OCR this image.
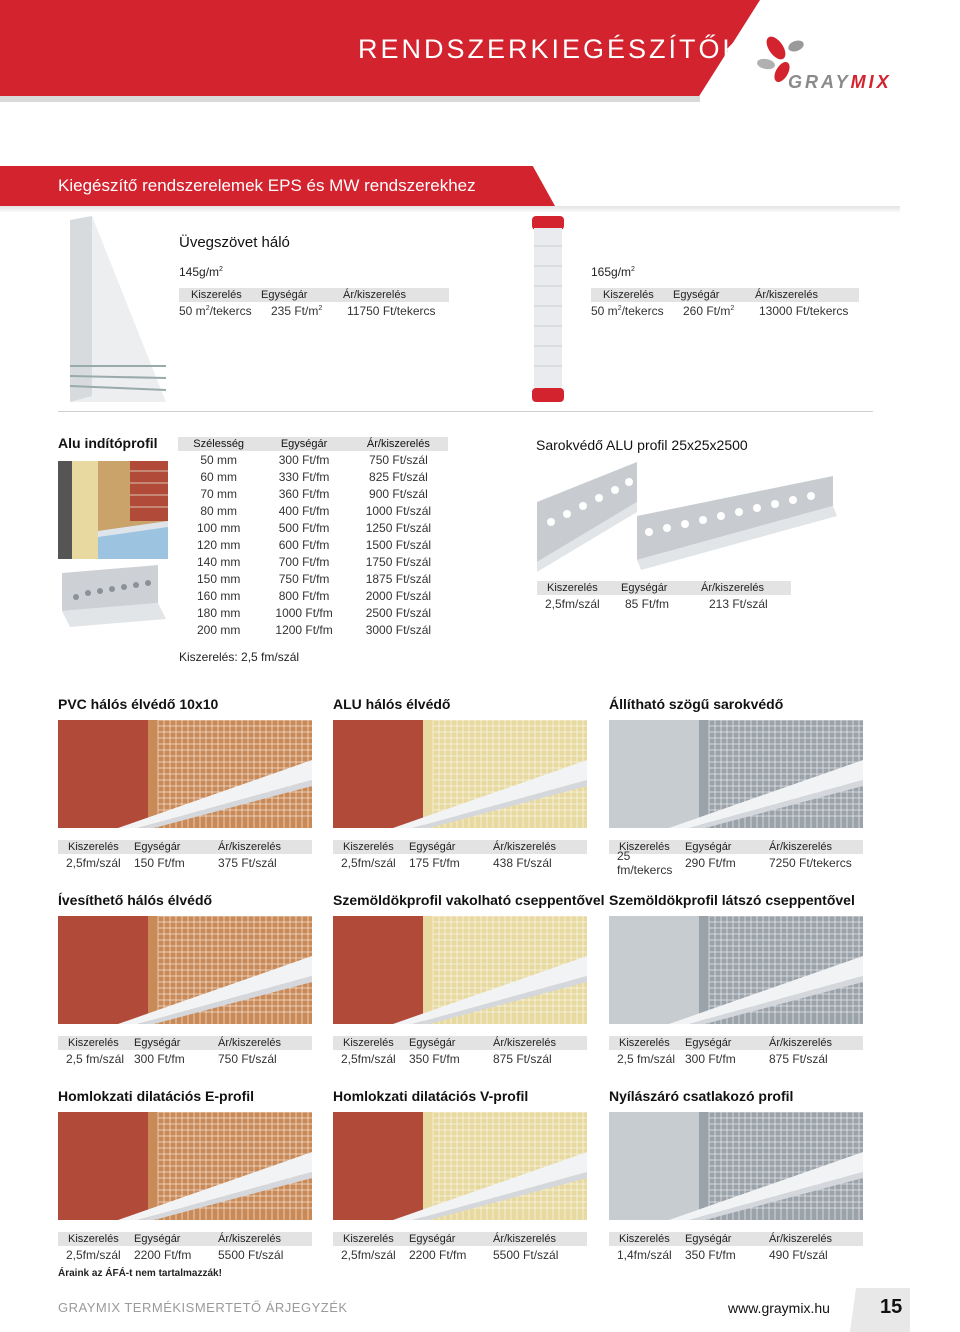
RENDSZERKIEGÉSZÍTŐK
GRAYMIX
Kiegészítő rendszerelemek EPS és MW rendszerekhez
Üvegszövet háló
$145g/m^2$
Kiszerelés	Egységár	Ár/kiszerelés
50 $m^2$/tekercs	235 $Ft/m^2$	11750 Ft/tekercs
$165g/m^2$
Kiszerelés	Egységár	Ár/kiszerelés
50 $m^2$/tekercs	260 $Ft/m^2$	13000 Ft/tekercs
Alu indítóprofil	Szélesség	Egységár	Ár/kiszerelés
50 mm	300 Ft/fm	750 Ft/szál
60 mm	330 Ft/fm	825 Ft/szál
70 mm	360 Ft/fm	900 Ft/szál
80 mm	400 Ft/fm	1000 Ft/szál
100 mm	500 Ft/fm	1250 Ft/szál
120 mm	600 Ft/fm	1500 Ft/szál
140 mm	700 Ft/fm	1750 Ft/szál
150 mm	750 Ft/fm	1875 Ft/szál
160 mm	800 Ft/fm	2000 Ft/szál
180 mm	1000 Ft/fm	2500 Ft/szál
200 mm	1200 Ft/fm	3000 Ft/szál
Kiszerelés: 2,5 fm/szál
Sarokvédő ALU profil 25x25x2500
Kiszerelés	Egységár	Ár/kiszerelés
2,5fm/szál	85 Ft/fm	213 Ft/szál
PVC hálós élvédő 10x10
Kiszerelés	Egységár	Ár/kiszerelés
2,5fm/szál	150 Ft/fm	375 Ft/szál
ALU hálós élvédő
Kiszerelés	Egységár	Ár/kiszerelés
2,5fm/szál	175 Ft/fm	438 Ft/szál
Állítható szögű sarokvédő
Kiszerelés	Egységár	Ár/kiszerelés
25 fm/tekercs	290 Ft/fm	7250 Ft/tekercs
Ívesíthető hálós élvédő
Kiszerelés	Egységár	Ár/kiszerelés
2,5 fm/szál 300 Ft/fm	750 Ft/szál
Szemöldökprofil vakolható cseppentővel
Kiszerelés	Egységár	Ár/kiszerelés
2,5fm/szál	350 Ft/fm	875 Ft/szál
Szemöldökprofil látszó cseppentővel
Kiszerelés	Egységár	Ár/kiszerelés
2,5 fm/szál 300 Ft/fm	875 Ft/szál
Homlokzati dilatációs E-profil
Kiszerelés	Egységár	Ár/kiszerelés
2,5fm/szál	2200 Ft/fm	5500 Ft/szál
Homlokzati dilatációs V-profil
Kiszerelés	Egységár	Ár/kiszerelés
2,5fm/szál	2200 Ft/fm	5500 Ft/szál
Nyílászáró csatlakozó profil
Kiszerelés	Egységár	Ár/kiszerelés
1,4fm/szál	350 Ft/fm	490 Ft/szál
Áraink az ÁFÁ-t nem tartalmazzák!
GRAYMIX TERMÉKISMERTETŐ ÁRJEGYZÉK	www.graymix.hu	15
